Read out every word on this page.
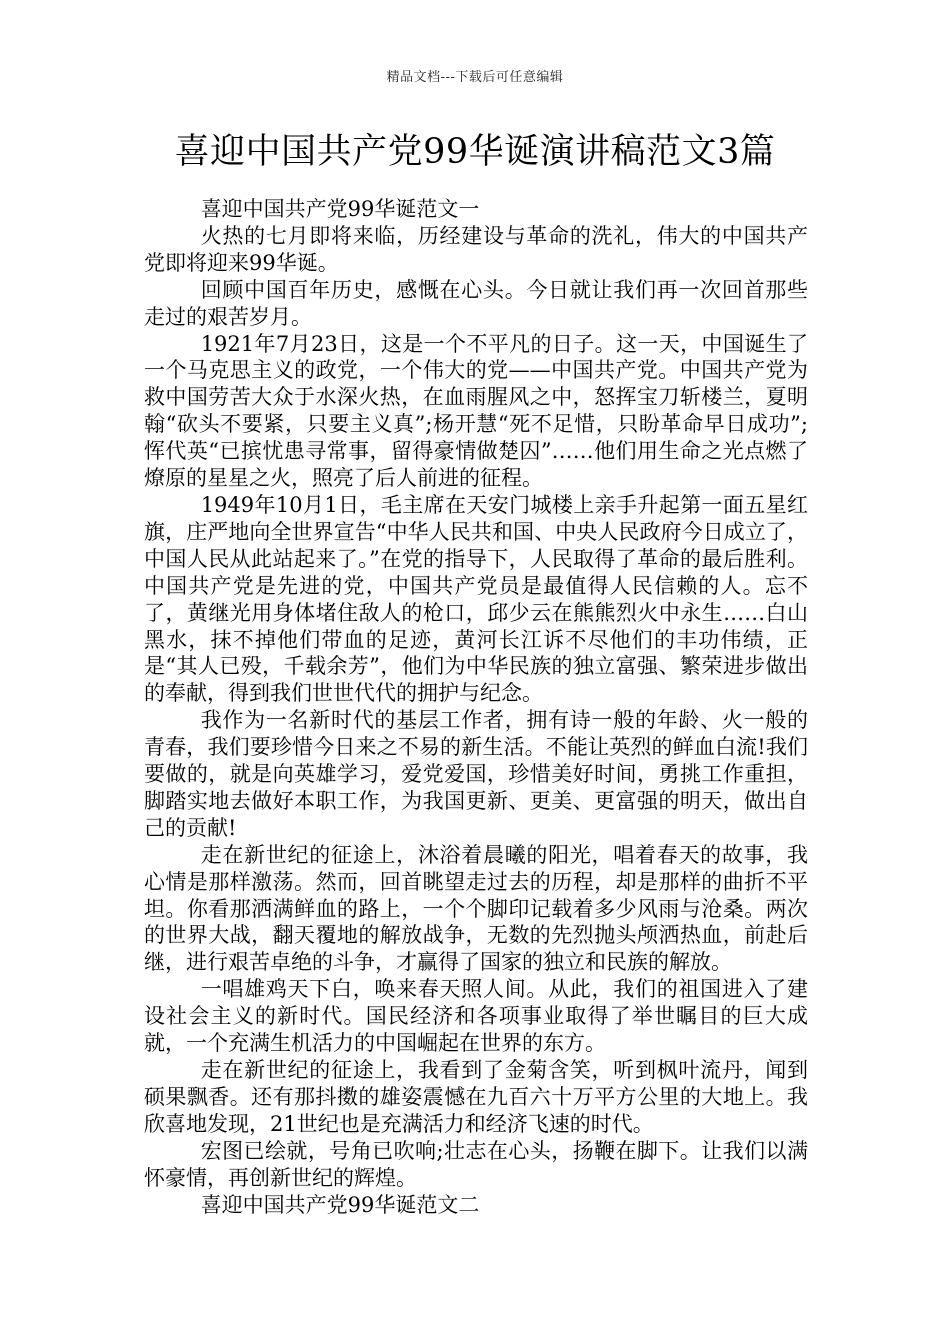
精品文档---下载后可任意编辑
喜迎中国共产党99华诞演讲稿范文3篇

喜迎中国共产党99华诞范文一

火热的七月即将来临，历经建设与革命的洗礼，伟大的中国共产党即将迎来99华诞。

回顾中国百年历史，感慨在心头。今日就让我们再一次回首那些走过的艰苦岁月。

1921年7月23日，这是一个不平凡的日子。这一天，中国诞生了一个马克思主义的政党，一个伟大的党——中国共产党。中国共产党为救中国劳苦大众于水深火热，在血雨腥风之中，怒挥宝刀斩楼兰，夏明翰“砍头不要紧，只要主义真”;杨开慧“死不足惜，只盼革命早日成功”;恽代英“已摈忧患寻常事，留得豪情做楚囚”……他们用生命之光点燃了燎原的星星之火，照亮了后人前进的征程。

1949年10月1日，毛主席在天安门城楼上亲手升起第一面五星红旗，庄严地向全世界宣告“中华人民共和国、中央人民政府今日成立了，中国人民从此站起来了。”在党的指导下，人民取得了革命的最后胜利。中国共产党是先进的党，中国共产党员是最值得人民信赖的人。忘不了，黄继光用身体堵住敌人的枪口，邱少云在熊熊烈火中永生……白山黑水，抹不掉他们带血的足迹，黄河长江诉不尽他们的丰功伟绩，正是“其人已殁，千载余芳”，他们为中华民族的独立富强、繁荣进步做出的奉献，得到我们世世代代的拥护与纪念。

我作为一名新时代的基层工作者，拥有诗一般的年龄、火一般的青春，我们要珍惜今日来之不易的新生活。不能让英烈的鲜血白流!我们要做的，就是向英雄学习，爱党爱国，珍惜美好时间，勇挑工作重担，脚踏实地去做好本职工作，为我国更新、更美、更富强的明天，做出自己的贡献!

走在新世纪的征途上，沐浴着晨曦的阳光，唱着春天的故事，我心情是那样激荡。然而，回首眺望走过去的历程，却是那样的曲折不平坦。你看那洒满鲜血的路上，一个个脚印记载着多少风雨与沧桑。两次的世界大战，翻天覆地的解放战争，无数的先烈抛头颅洒热血，前赴后继，进行艰苦卓绝的斗争，才赢得了国家的独立和民族的解放。

一唱雄鸡天下白，唤来春天照人间。从此，我们的祖国进入了建设社会主义的新时代。国民经济和各项事业取得了举世瞩目的巨大成就，一个充满生机活力的中国崛起在世界的东方。

走在新世纪的征途上，我看到了金菊含笑，听到枫叶流丹，闻到硕果飘香。还有那抖擞的雄姿震憾在九百六十万平方公里的大地上。我欣喜地发现，21世纪也是充满活力和经济飞速的时代。

宏图已绘就，号角已吹响;壮志在心头，扬鞭在脚下。让我们以满怀豪情，再创新世纪的辉煌。

喜迎中国共产党99华诞范文二
